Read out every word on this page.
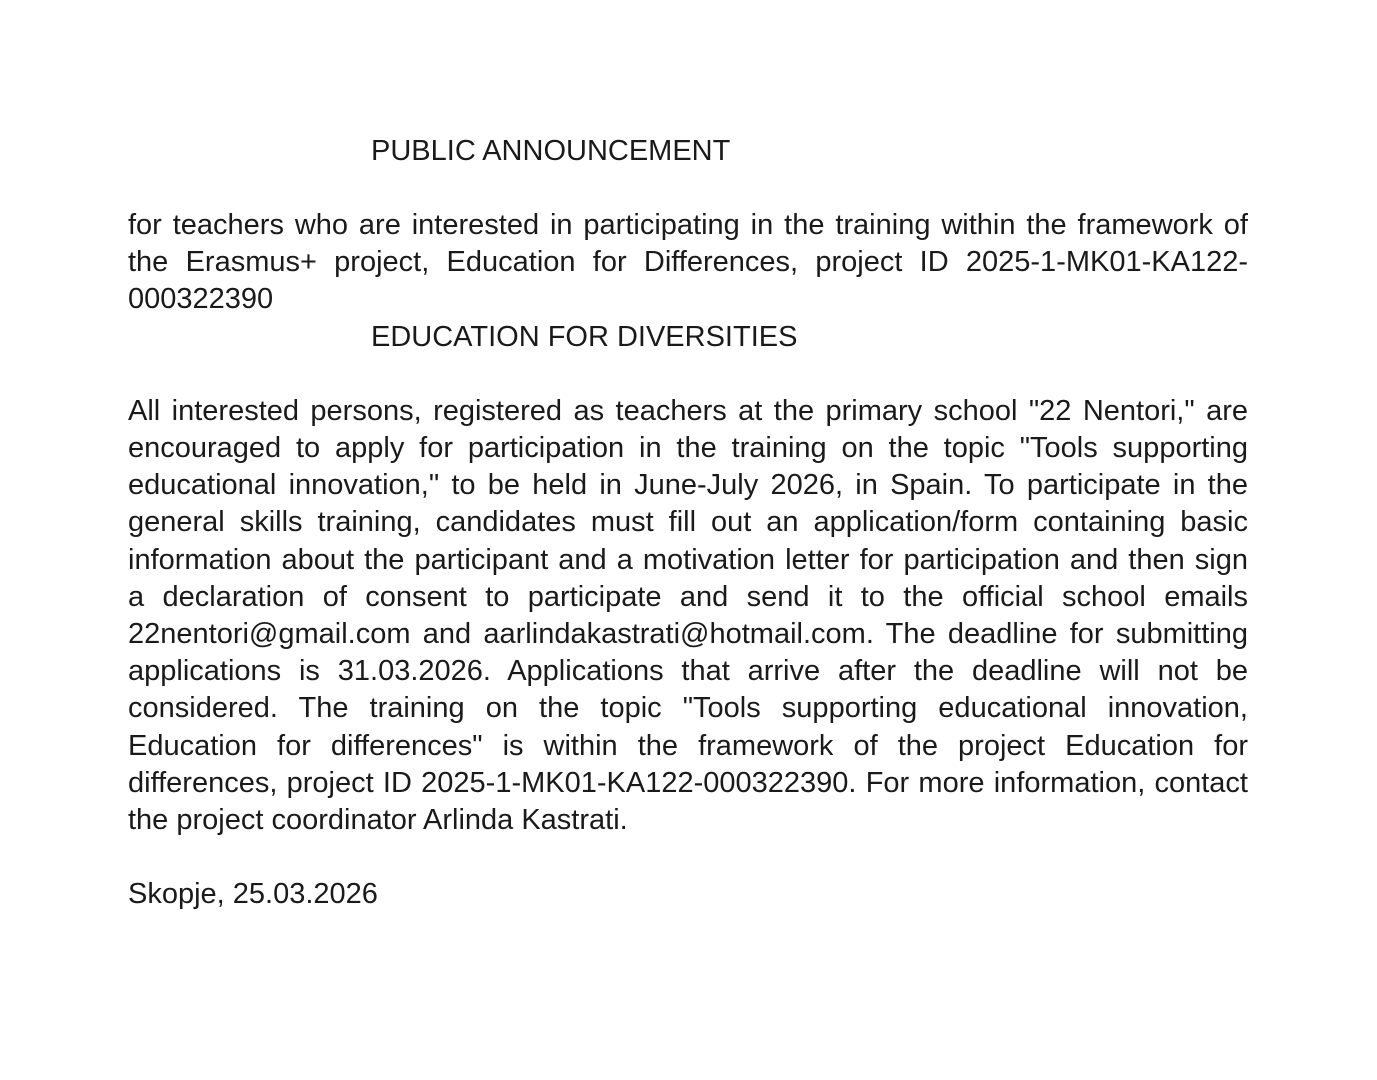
PUBLIC ANNOUNCEMENT

for teachers who are interested in participating in the training within the framework of the Erasmus+ project, Education for Differences, project ID 2025-1-MK01-KA122-000322390

EDUCATION FOR DIVERSITIES

All interested persons, registered as teachers at the primary school "22 Nentori," are encouraged to apply for participation in the training on the topic "Tools supporting educational innovation," to be held in June-July 2026, in Spain. To participate in the general skills training, candidates must fill out an application/form containing basic information about the participant and a motivation letter for participation and then sign a declaration of consent to participate and send it to the official school emails 22nentori@gmail.com and aarlindakastrati@hotmail.com. The deadline for submitting applications is 31.03.2026. Applications that arrive after the deadline will not be considered. The training on the topic "Tools supporting educational innovation, Education for differences" is within the framework of the project Education for differences, project ID 2025-1-MK01-KA122-000322390. For more information, contact the project coordinator Arlinda Kastrati.

Skopje, 25.03.2026
